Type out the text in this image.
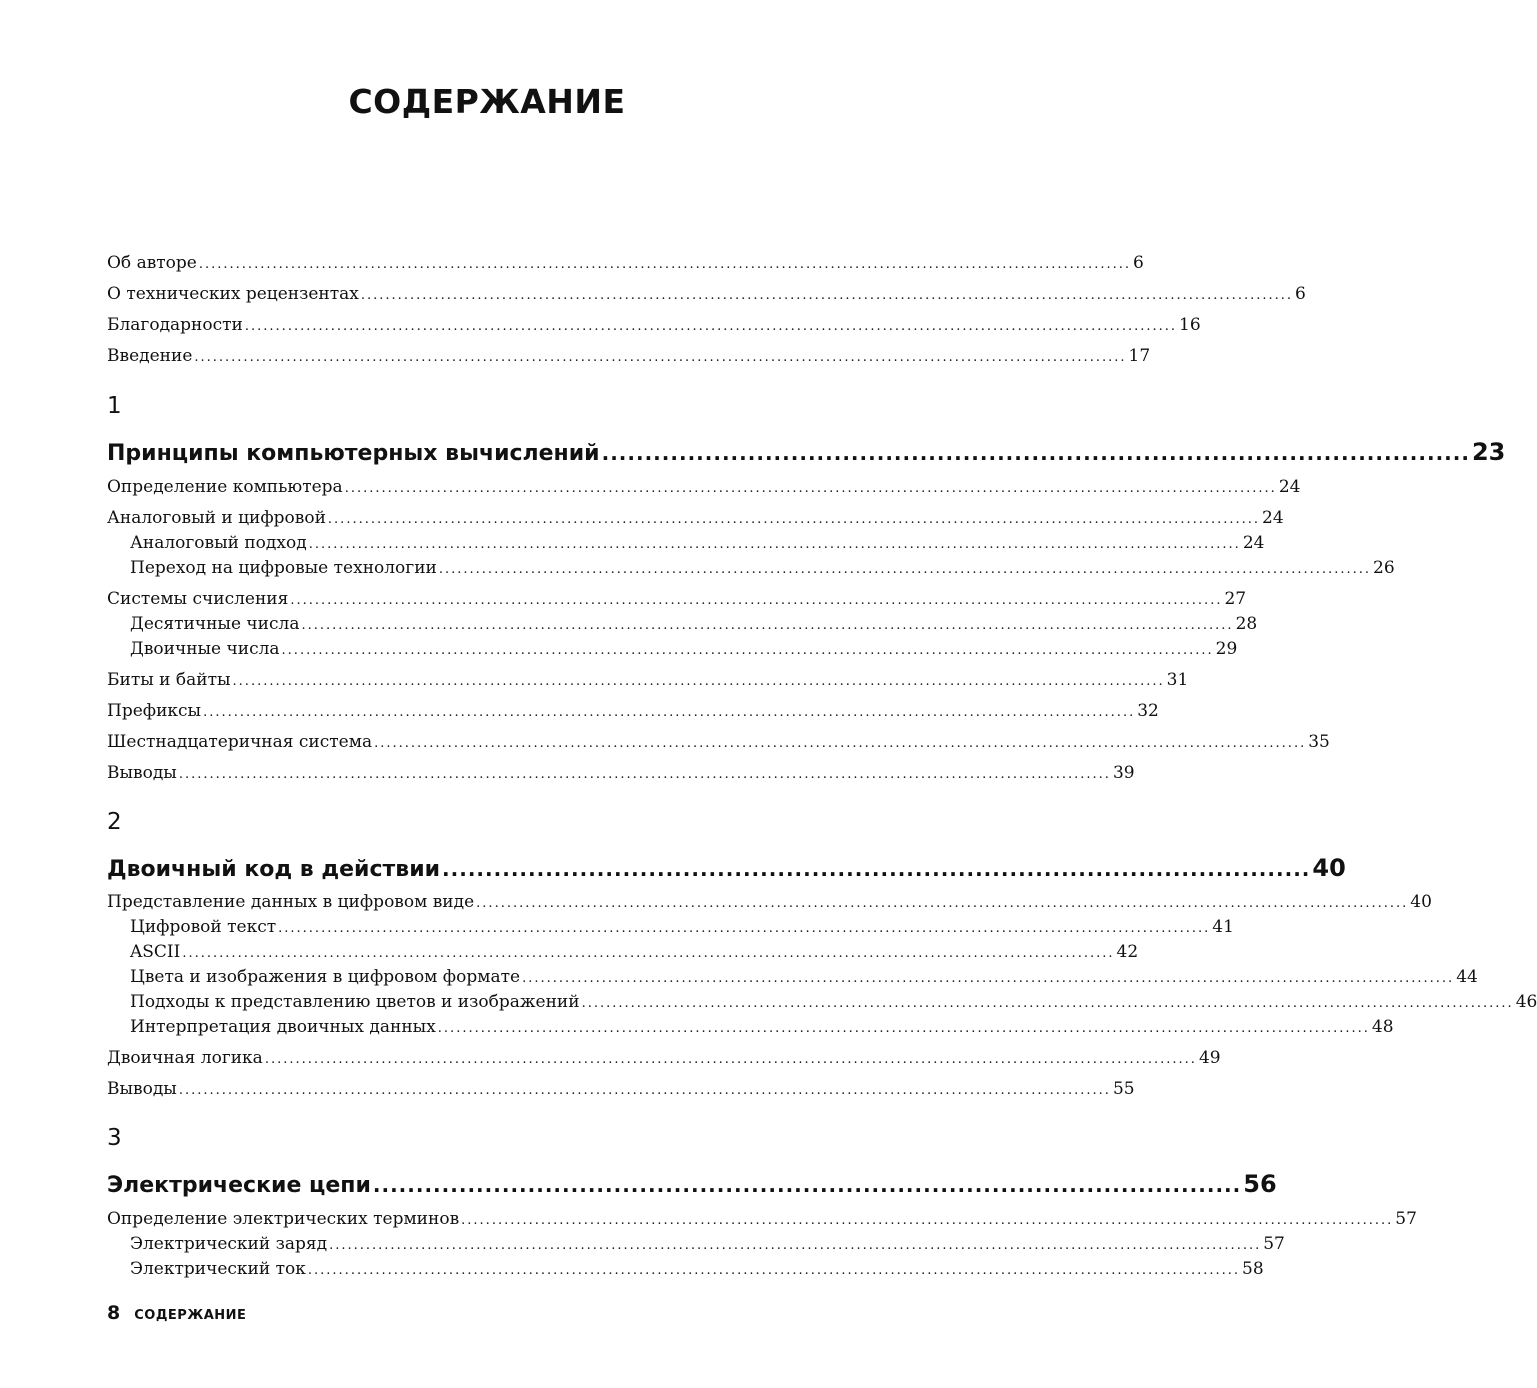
СОДЕРЖАНИЕ
Об авторе ........................................................................................................................................................ 6
О технических рецензентах ........................................................................................................................................................ 6
Благодарности ........................................................................................................................................................ 16
Введение ........................................................................................................................................................ 17
1
Принципы компьютерных вычислений ..................................................................................................... 23
Определение компьютера ........................................................................................................................................................ 24
Аналоговый и цифровой ........................................................................................................................................................ 24
Аналоговый подход ........................................................................................................................................................ 24
Переход на цифровые технологии ........................................................................................................................................................ 26
Системы счисления ........................................................................................................................................................ 27
Десятичные числа ........................................................................................................................................................ 28
Двоичные числа ........................................................................................................................................................ 29
Биты и байты ........................................................................................................................................................ 31
Префиксы ........................................................................................................................................................ 32
Шестнадцатеричная система ........................................................................................................................................................ 35
Выводы ........................................................................................................................................................ 39
2
Двоичный код в действии ..................................................................................................... 40
Представление данных в цифровом виде ........................................................................................................................................................ 40
Цифровой текст ........................................................................................................................................................ 41
ASCII ........................................................................................................................................................ 42
Цвета и изображения в цифровом формате ........................................................................................................................................................ 44
Подходы к представлению цветов и изображений ........................................................................................................................................................ 46
Интерпретация двоичных данных ........................................................................................................................................................ 48
Двоичная логика ........................................................................................................................................................ 49
Выводы ........................................................................................................................................................ 55
3
Электрические цепи ..................................................................................................... 56
Определение электрических терминов ........................................................................................................................................................ 57
Электрический заряд ........................................................................................................................................................ 57
Электрический ток ........................................................................................................................................................ 58
8 СОДЕРЖАНИЕ
